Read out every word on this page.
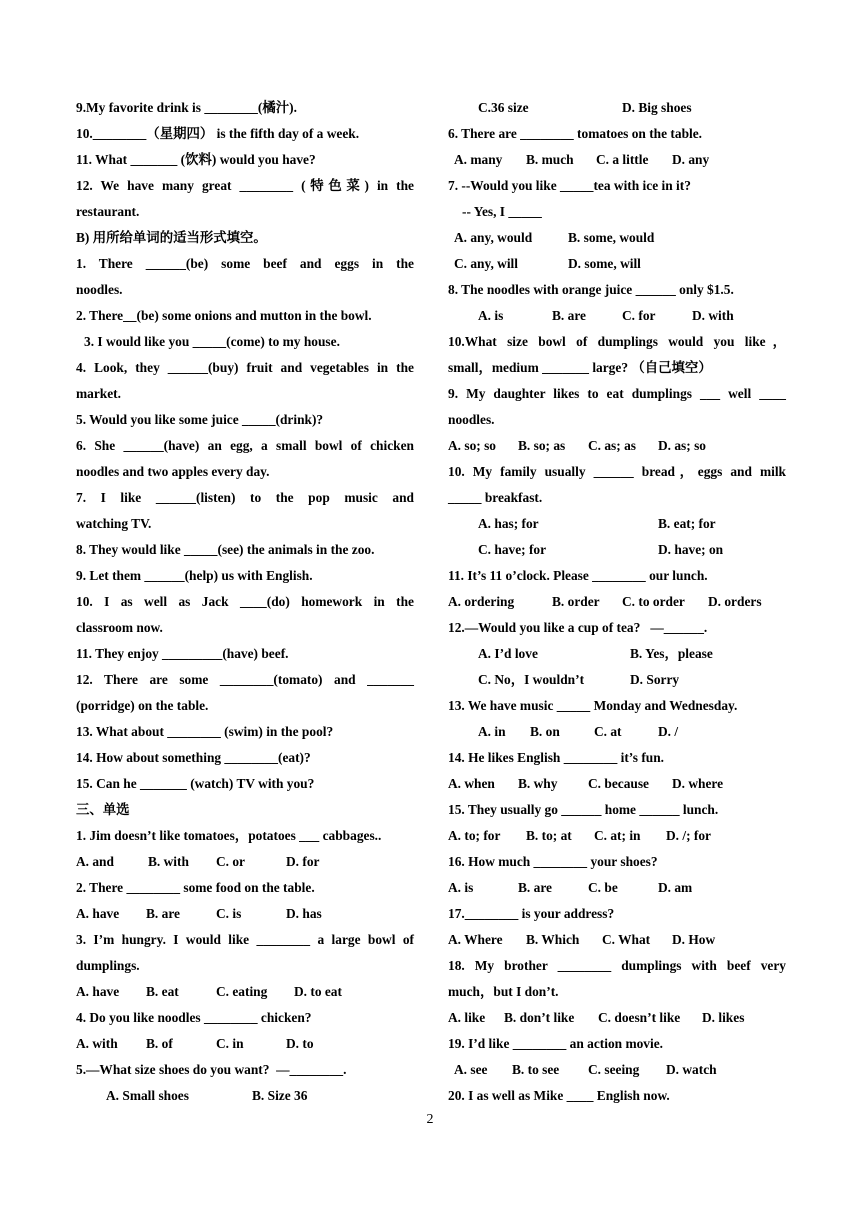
9.My favorite drink is ________(橘汁).
10.________（星期四） is the fifth day of a week.
11. What _______ (饮料) would you have?
12. We have many great ________ (特色菜) in the
restaurant.
B) 用所给单词的适当形式填空。
1. There ______(be) some beef and eggs in the
noodles.
2. There__(be) some onions and mutton in the bowl.
3. I would like you _____(come) to my house.
4. Look, they ______(buy) fruit and vegetables in the
market.
5. Would you like some juice _____(drink)?
6. She ______(have) an egg, a small bowl of chicken
noodles and two apples every day.
7. I like ______(listen) to the pop music and
watching TV.
8. They would like _____(see) the animals in the zoo.
9. Let them ______(help) us with English.
10. I as well as Jack ____(do) homework in the
classroom now.
11. They enjoy _________(have) beef.
12. There are some ________(tomato) and _______
(porridge) on the table.
13. What about ________ (swim) in the pool?
14. How about something ________(eat)?
15. Can he _______ (watch) TV with you?
三、单选
1. Jim doesn’t like tomatoes，potatoes ___ cabbages..
A. and	B. with C. or	D. for
2. There ________ some food on the table.
A. have B. are	C. is	D. has
3. I’m hungry. I would like ________ a large bowl of
dumplings.
A. have B. eat	C. eating D. to eat
4. Do you like noodles ________ chicken?
A. with B. of	C. in	D. to
5.—What size shoes do you want?  —________.
A. Small shoes	B. Size 36
C.36 size	D. Big shoes
6. There are ________ tomatoes on the table.
A. many B. much C. a little D. any
7. --Would you like _____tea with ice in it?
-- Yes, I _____
A. any, would	B. some, would
C. any, will	D. some, will
8. The noodles with orange juice ______ only $1.5.
A. is	B. are	C. for	D. with
10.What size bowl of dumplings would you like，
small，medium _______ large? （自己填空）
9. My daughter likes to eat dumplings ___ well ____
noodles.
A. so; so B. so; as C. as; as D. as; so
10. My family usually ______ bread，eggs and milk
_____ breakfast.
A. has; for	B. eat; for
C. have; for	D. have; on
11. It’s 11 o’clock. Please ________ our lunch.
A. ordering	B. order C. to order D. orders
12.—Would you like a cup of tea?   —______.
A. I’d love	B. Yes，please
C. No，I wouldn’t	D. Sorry
13. We have music _____ Monday and Wednesday.
A. in B. on	C. at	D. /
14. He likes English ________ it’s fun.
A. when B. why C. because D. where
15. They usually go ______ home ______ lunch.
A. to; for B. to; at C. at; in D. /; for
16. How much ________ your shoes?
A. is	B. are	C. be	D. am
17.________ is your address?
A. Where B. Which C. What D. How
18. My brother ________ dumplings with beef very
much，but I don’t.
A. like B. don’t like C. doesn’t like D. likes
19. I’d like ________ an action movie.
A. see B. to see C. seeing D. watch
20. I as well as Mike ____ English now.
2
